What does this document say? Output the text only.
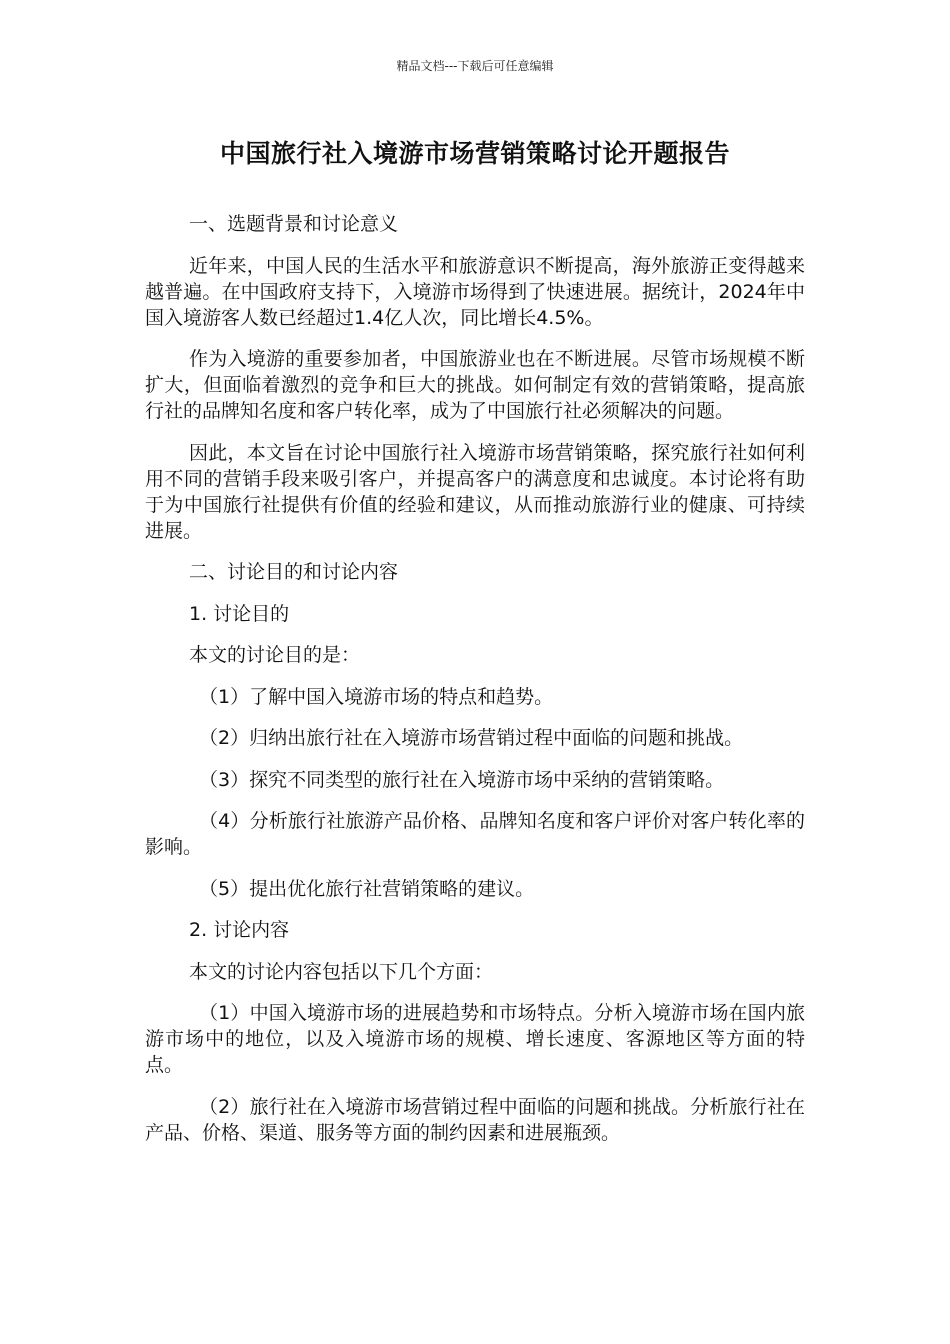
精品文档---下载后可任意编辑
中国旅行社入境游市场营销策略讨论开题报告

一、选题背景和讨论意义

近年来，中国人民的生活水平和旅游意识不断提高，海外旅游正变得越来越普遍。在中国政府支持下，入境游市场得到了快速进展。据统计，2024年中国入境游客人数已经超过1.4亿人次，同比增长4.5%。

作为入境游的重要参加者，中国旅游业也在不断进展。尽管市场规模不断扩大，但面临着激烈的竞争和巨大的挑战。如何制定有效的营销策略，提高旅行社的品牌知名度和客户转化率，成为了中国旅行社必须解决的问题。

因此，本文旨在讨论中国旅行社入境游市场营销策略，探究旅行社如何利用不同的营销手段来吸引客户，并提高客户的满意度和忠诚度。本讨论将有助于为中国旅行社提供有价值的经验和建议，从而推动旅游行业的健康、可持续进展。

二、讨论目的和讨论内容

1. 讨论目的

本文的讨论目的是：

（1）了解中国入境游市场的特点和趋势。

（2）归纳出旅行社在入境游市场营销过程中面临的问题和挑战。

（3）探究不同类型的旅行社在入境游市场中采纳的营销策略。

（4）分析旅行社旅游产品价格、品牌知名度和客户评价对客户转化率的影响。

（5）提出优化旅行社营销策略的建议。

2. 讨论内容

本文的讨论内容包括以下几个方面：

（1）中国入境游市场的进展趋势和市场特点。分析入境游市场在国内旅游市场中的地位，以及入境游市场的规模、增长速度、客源地区等方面的特点。

（2）旅行社在入境游市场营销过程中面临的问题和挑战。分析旅行社在产品、价格、渠道、服务等方面的制约因素和进展瓶颈。
